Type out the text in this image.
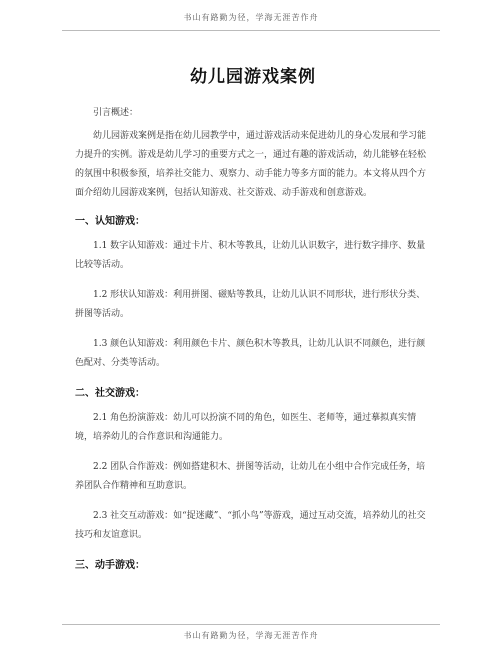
书山有路勤为径，学海无涯苦作舟
幼儿园游戏案例

引言概述：

幼儿园游戏案例是指在幼儿园教学中，通过游戏活动来促进幼儿的身心发展和学习能力提升的实例。游戏是幼儿学习的重要方式之一，通过有趣的游戏活动，幼儿能够在轻松的氛围中积极参预，培养社交能力、观察力、动手能力等多方面的能力。本文将从四个方面介绍幼儿园游戏案例，包括认知游戏、社交游戏、动手游戏和创意游戏。

一、认知游戏：

1.1 数字认知游戏：通过卡片、积木等教具，让幼儿认识数字，进行数字排序、数量比较等活动。

1.2 形状认知游戏：利用拼图、磁贴等教具，让幼儿认识不同形状，进行形状分类、拼图等活动。

1.3 颜色认知游戏：利用颜色卡片、颜色积木等教具，让幼儿认识不同颜色，进行颜色配对、分类等活动。

二、社交游戏：

2.1 角色扮演游戏：幼儿可以扮演不同的角色，如医生、老师等，通过摹拟真实情境，培养幼儿的合作意识和沟通能力。

2.2 团队合作游戏：例如搭建积木、拼图等活动，让幼儿在小组中合作完成任务，培养团队合作精神和互助意识。

2.3 社交互动游戏：如“捉迷藏”、“抓小鸟”等游戏，通过互动交流，培养幼儿的社交技巧和友谊意识。

三、动手游戏：
书山有路勤为径，学海无涯苦作舟
